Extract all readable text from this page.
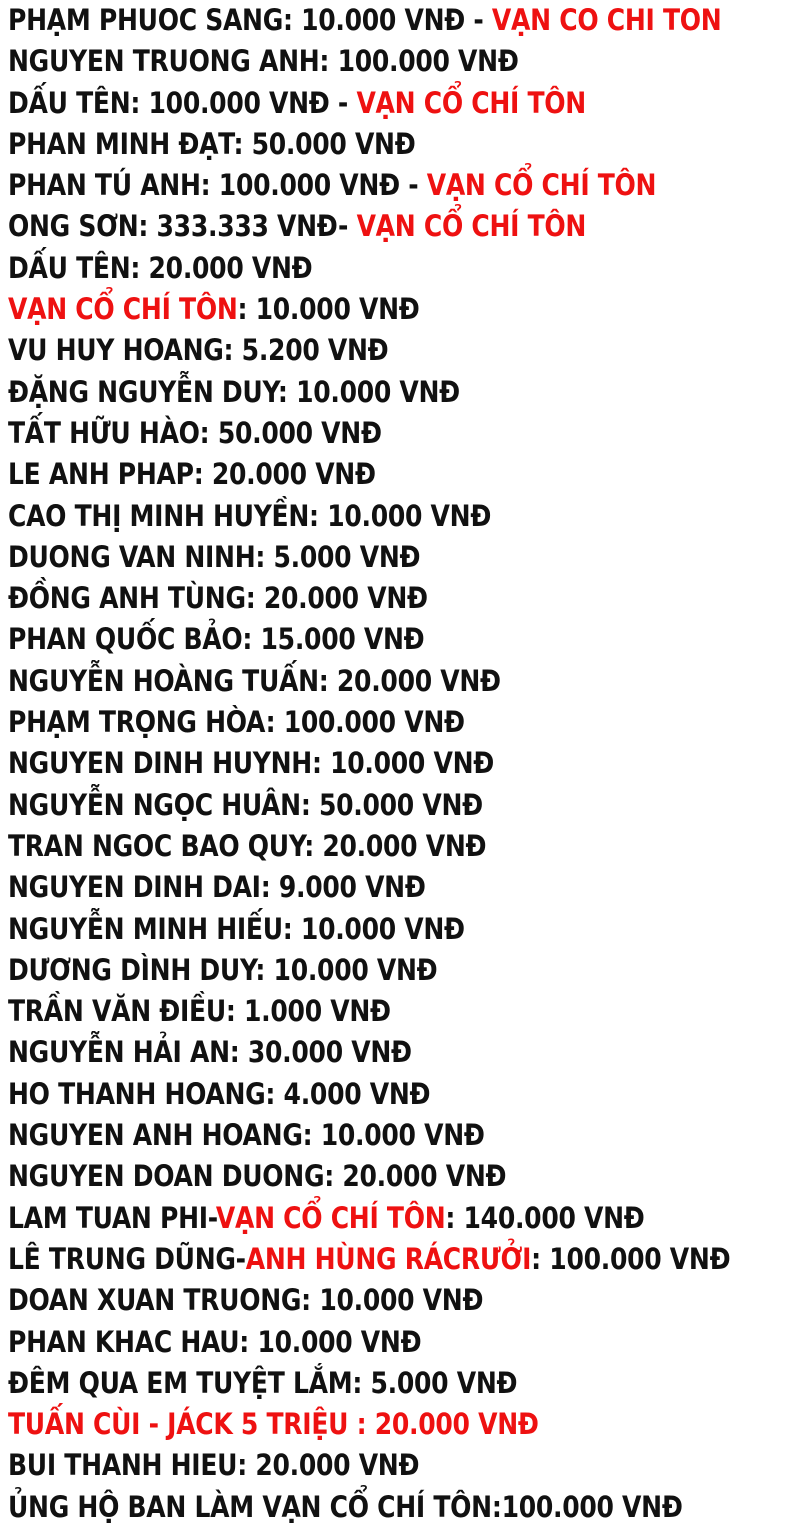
PHẠM PHUOC SANG: 10.000 VNĐ - VẠN CO CHI TON
NGUYEN TRUONG ANH: 100.000 VNĐ
DẤU TÊN: 100.000 VNĐ - VẠN CỔ CHÍ TÔN
PHAN MINH ĐẠT: 50.000 VNĐ
PHAN TÚ ANH: 100.000 VNĐ - VẠN CỔ CHÍ TÔN
ONG SƠN: 333.333 VNĐ- VẠN CỔ CHÍ TÔN
DẤU TÊN: 20.000 VNĐ
VẠN CỔ CHÍ TÔN: 10.000 VNĐ
VU HUY HOANG: 5.200 VNĐ
ĐẶNG NGUYỄN DUY: 10.000 VNĐ
TẤT HỮU HÀO: 50.000 VNĐ
LE ANH PHAP: 20.000 VNĐ
CAO THỊ MINH HUYỀN: 10.000 VNĐ
DUONG VAN NINH: 5.000 VNĐ
ĐỒNG ANH TÙNG: 20.000 VNĐ
PHAN QUỐC BẢO: 15.000 VNĐ
NGUYỄN HOÀNG TUẤN: 20.000 VNĐ
PHẠM TRỌNG HÒA: 100.000 VNĐ
NGUYEN DINH HUYNH: 10.000 VNĐ
NGUYỄN NGỌC HUÂN: 50.000 VNĐ
TRAN NGOC BAO QUY: 20.000 VNĐ
NGUYEN DINH DAI: 9.000 VNĐ
NGUYỄN MINH HIẾU: 10.000 VNĐ
DƯƠNG DÌNH DUY: 10.000 VNĐ
TRẦN VĂN ĐIỀU: 1.000 VNĐ
NGUYỄN HẢI AN: 30.000 VNĐ
HO THANH HOANG: 4.000 VNĐ
NGUYEN ANH HOANG: 10.000 VNĐ
NGUYEN DOAN DUONG: 20.000 VNĐ
LAM TUAN PHI-VẠN CỔ CHÍ TÔN: 140.000 VNĐ
LÊ TRUNG DŨNG-ANH HÙNG RÁCRƯỞI: 100.000 VNĐ
DOAN XUAN TRUONG: 10.000 VNĐ
PHAN KHAC HAU: 10.000 VNĐ
ĐÊM QUA EM TUYỆT LẮM: 5.000 VNĐ
TUẤN CÙI - JÁCK 5 TRIỆU : 20.000 VNĐ
BUI THANH HIEU: 20.000 VNĐ
ỦNG HỘ BAN LÀM VẠN CỔ CHÍ TÔN:100.000 VNĐ
